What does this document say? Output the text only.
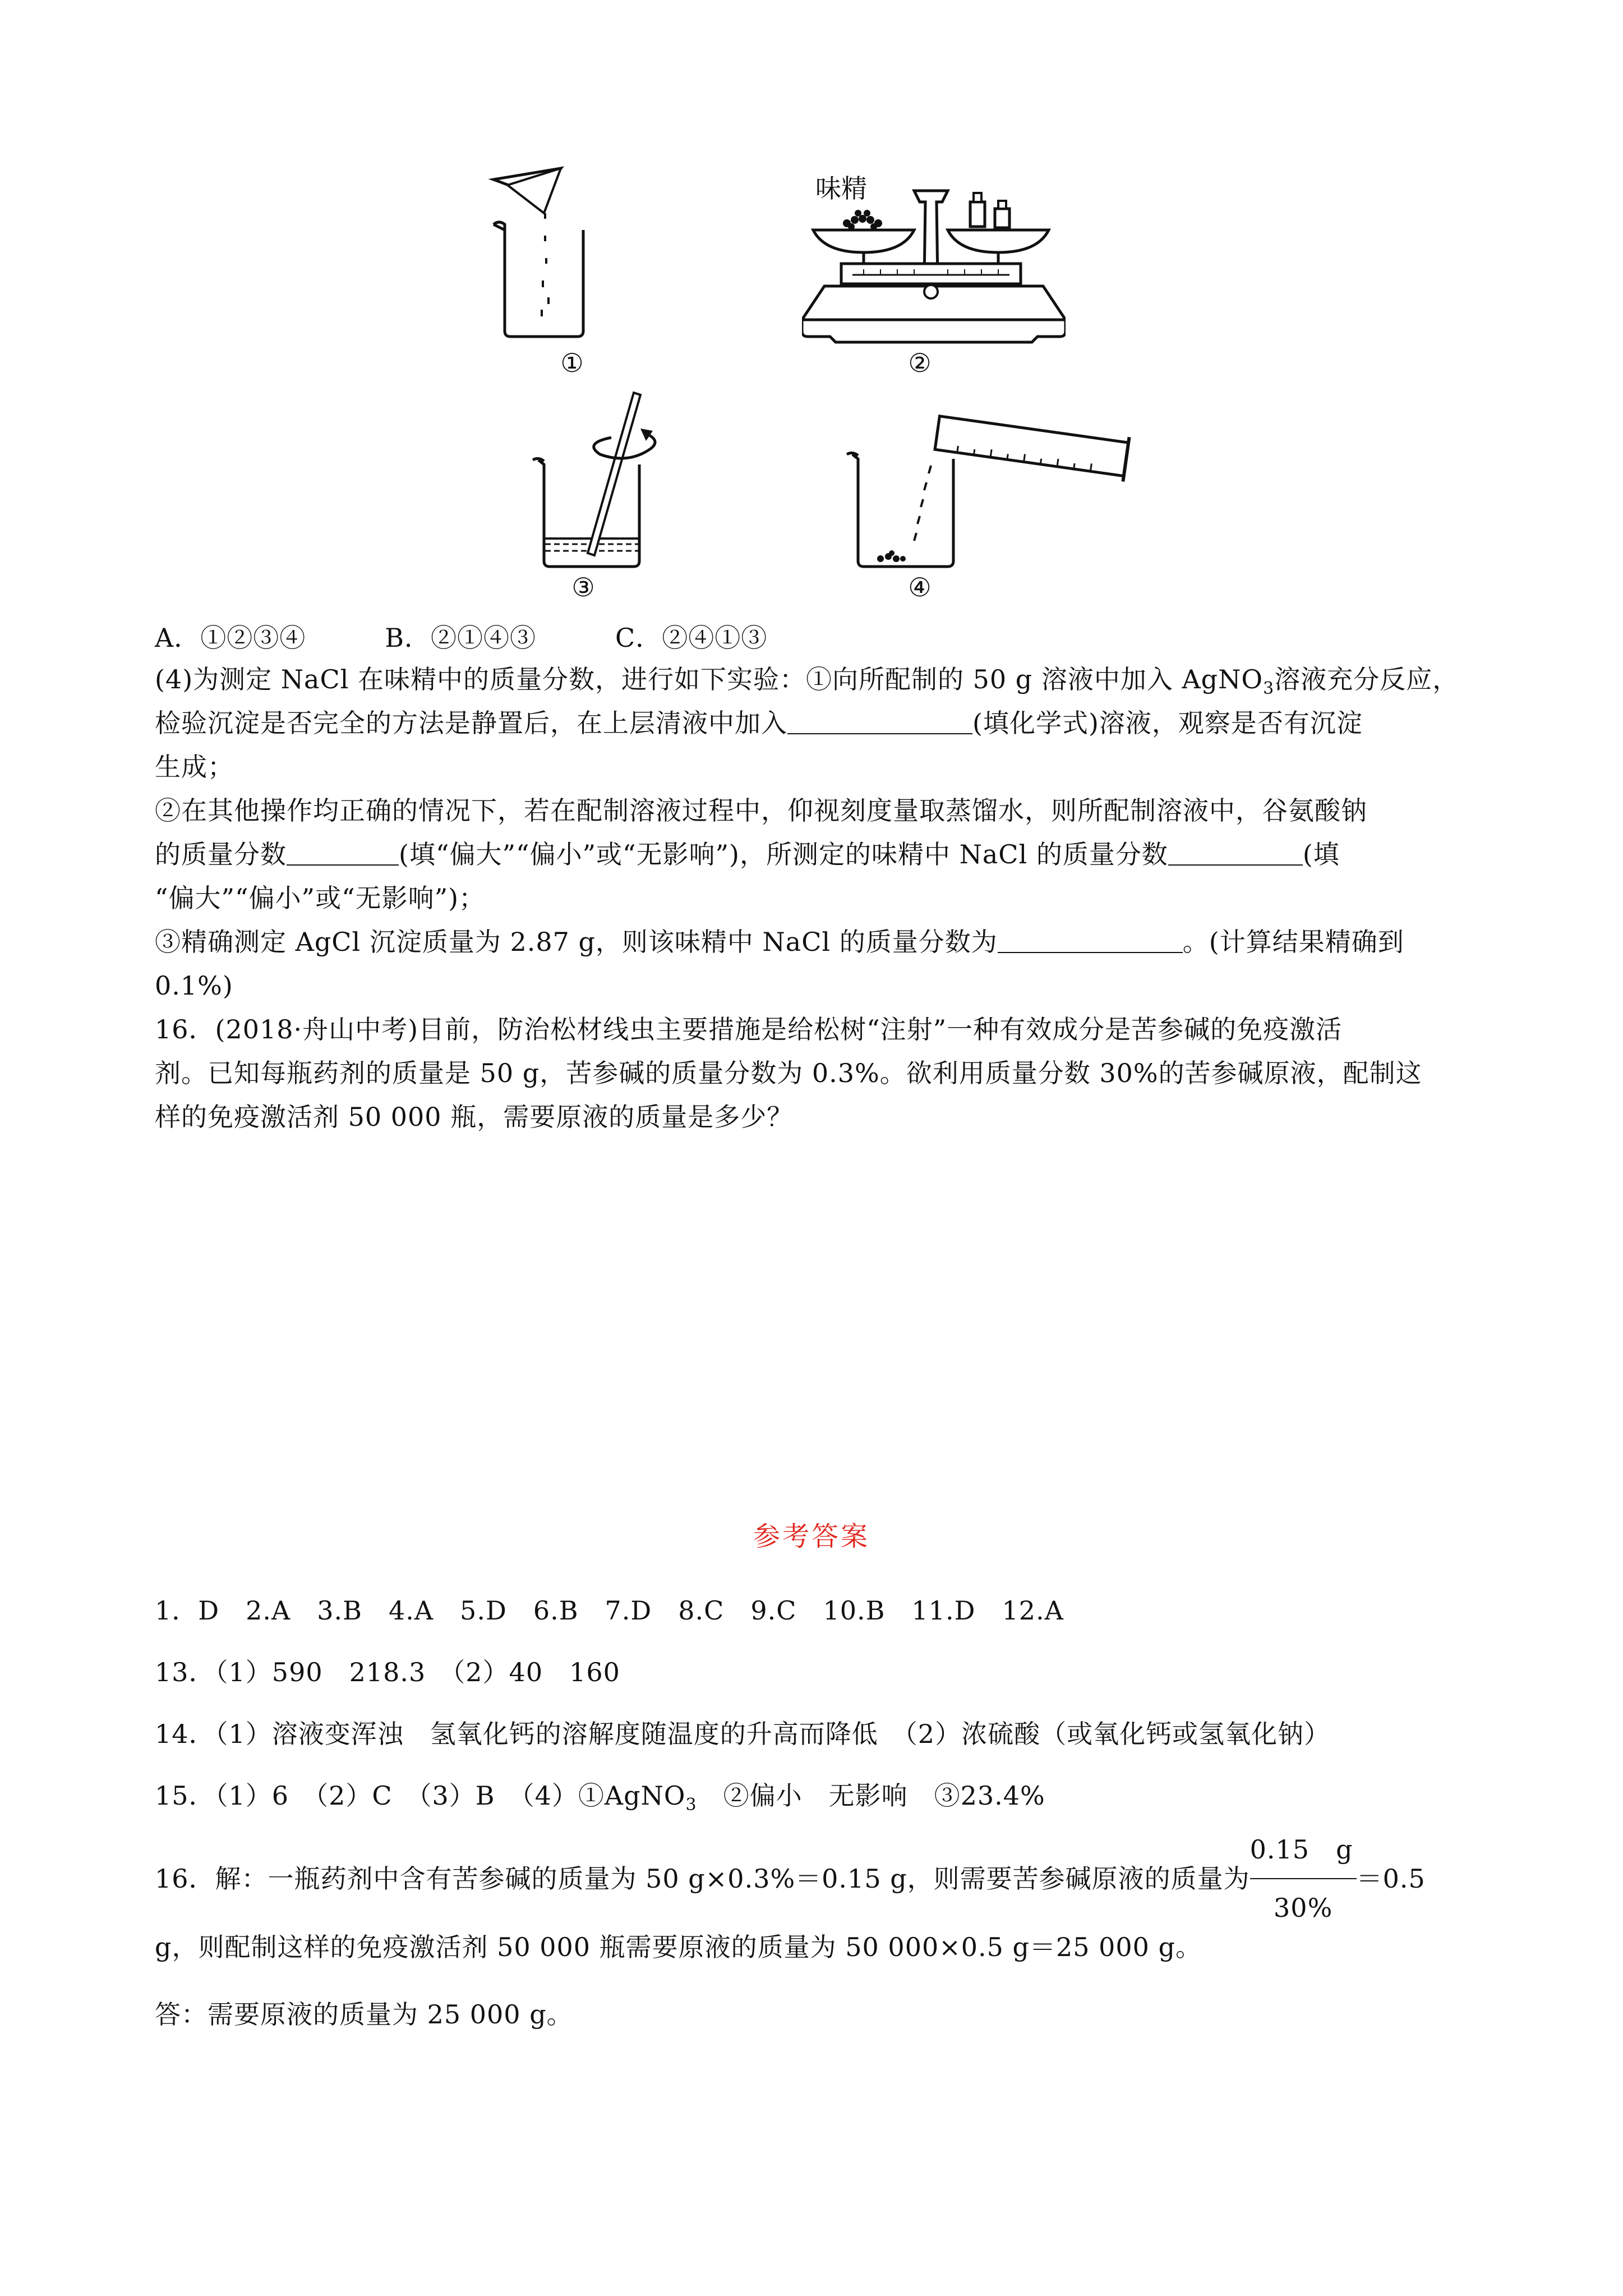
①
味精
②
③	④
A．①②③④　　　B．②①④③　　　C．②④①③
(4)为测定 NaCl 在味精中的质量分数，进行如下实验：①向所配制的 50 g 溶液中加入 AgNO$_3$溶液充分反应，
检验沉淀是否完全的方法是静置后，在上层清液中加入	(填化学式)溶液，观察是否有沉淀
生成；
②在其他操作均正确的情况下，若在配制溶液过程中，仰视刻度量取蒸馏水，则所配制溶液中，谷氨酸钠
的质量分数	(填“偏大”“偏小”或“无影响”)，所测定的味精中 NaCl 的质量分数	(填
“偏大”“偏小”或“无影响”)；
③精确测定 AgCl 沉淀质量为 2.87 g，则该味精中 NaCl 的质量分数为	。(计算结果精确到
0.1%)
16．(2018·舟山中考)目前，防治松材线虫主要措施是给松树“注射”一种有效成分是苦参碱的免疫激活
剂。已知每瓶药剂的质量是 50 g，苦参碱的质量分数为 0.3%。欲利用质量分数 30%的苦参碱原液，配制这
样的免疫激活剂 50 000 瓶，需要原液的质量是多少？
参考答案
1．D　2.A　3.B　4.A　5.D　6.B　7.D　8.C　9.C　10.B　11.D　12.A
13．（1）590　218.3　（2）40　160
14．（1）溶液变浑浊　氢氧化钙的溶解度随温度的升高而降低　（2）浓硫酸（或氧化钙或氢氧化钠）
15．（1）6　（2）C　（3）B　（4）①AgNO$_3$　②偏小　无影响　③23.4%
16．解：一瓶药剂中含有苦参碱的质量为 50 g×0.3%＝0.15 g，则需要苦参碱原液的质量为 $\frac{0.15 g}{30\%} =0.5$
g，则配制这样的免疫激活剂 50 000 瓶需要原液的质量为 50 000×0.5 g＝25 000 g。
答：需要原液的质量为 25 000 g。
